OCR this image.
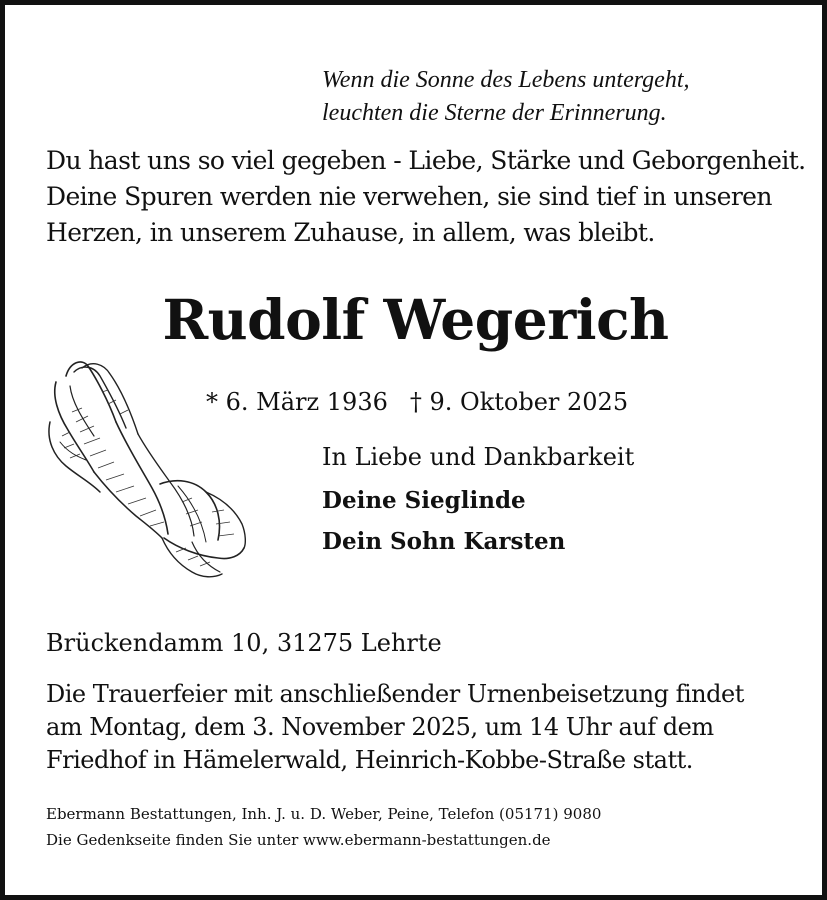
Wenn die Sonne des Lebens untergeht,
leuchten die Sterne der Erinnerung.
Du hast uns so viel gegeben - Liebe, Stärke und Geborgenheit.
Deine Spuren werden nie verwehen, sie sind tief in unseren
Herzen, in unserem Zuhause, in allem, was bleibt.
Rudolf Wegerich
* 6. März 1936 † 9. Oktober 2025
In Liebe und Dankbarkeit
Deine Sieglinde
Dein Sohn Karsten
Brückendamm 10, 31275 Lehrte
Die Trauerfeier mit anschließender Urnenbeisetzung findet
am Montag, dem 3. November 2025, um 14 Uhr auf dem
Friedhof in Hämelerwald, Heinrich-Kobbe-Straße statt.
Ebermann Bestattungen, Inh. J. u. D. Weber, Peine, Telefon (05171) 9080
Die Gedenkseite finden Sie unter www.ebermann-bestattungen.de
